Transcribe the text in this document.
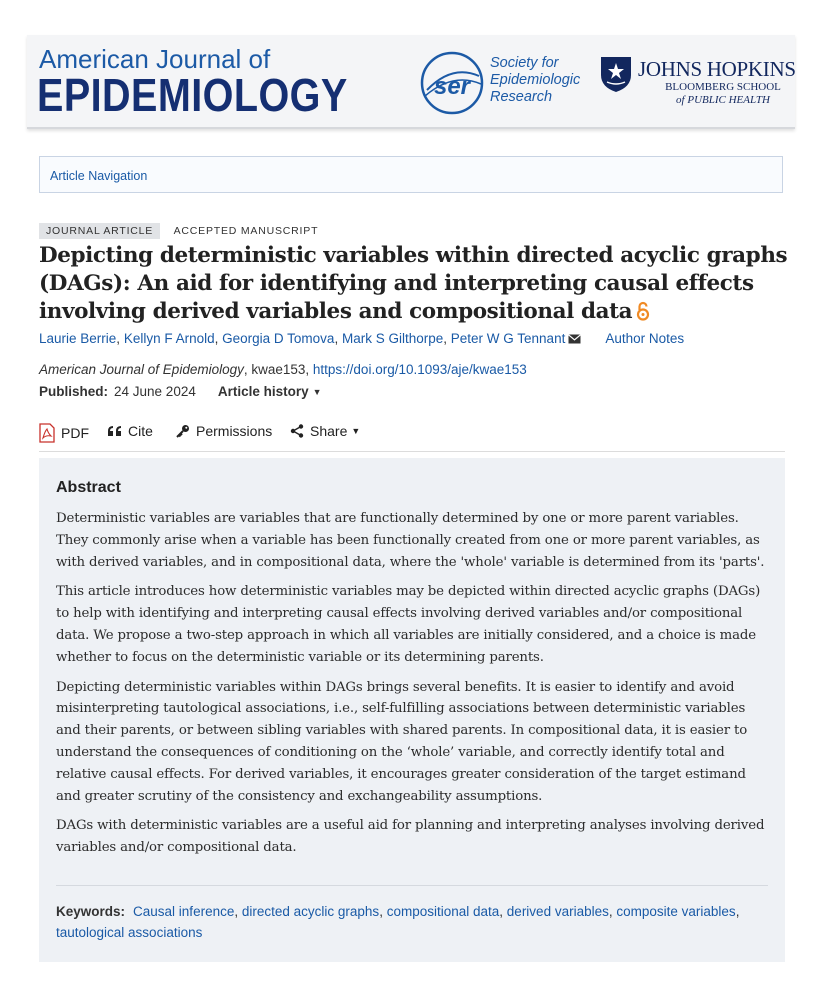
American Journal of
EPIDEMIOLOGY	ser
Society for
Epidemiologic
Research
JOHNS HOPKINS
BLOOMBERG SCHOOL
of PUBLIC HEALTH
Article Navigation
JOURNAL ARTICLE ACCEPTED MANUSCRIPT
Depicting deterministic variables within directed acyclic graphs (DAGs): An aid for identifying and interpreting causal effects involving derived variables and compositional data
Laurie Berrie, Kellyn F Arnold, Georgia D Tomova, Mark S Gilthorpe, Peter W G Tennant	Author Notes
American Journal of Epidemiology, kwae153, https://doi.org/10.1093/aje/kwae153
Published: 24 June 2024 Article history ▼
PDF	Cite	Permissions	Share ▼
Abstract

Deterministic variables are variables that are functionally determined by one or more parent variables. They commonly arise when a variable has been functionally created from one or more parent variables, as with derived variables, and in compositional data, where the 'whole' variable is determined from its 'parts'.

This article introduces how deterministic variables may be depicted within directed acyclic graphs (DAGs) to help with identifying and interpreting causal effects involving derived variables and/or compositional data. We propose a two-step approach in which all variables are initially considered, and a choice is made whether to focus on the deterministic variable or its determining parents.

Depicting deterministic variables within DAGs brings several benefits. It is easier to identify and avoid misinterpreting tautological associations, i.e., self-fulfilling associations between deterministic variables and their parents, or between sibling variables with shared parents. In compositional data, it is easier to understand the consequences of conditioning on the ‘whole’ variable, and correctly identify total and relative causal effects. For derived variables, it encourages greater consideration of the target estimand and greater scrutiny of the consistency and exchangeability assumptions.

DAGs with deterministic variables are a useful aid for planning and interpreting analyses involving derived variables and/or compositional data.

Keywords: Causal inference, directed acyclic graphs, compositional data, derived variables, composite variables, tautological associations
